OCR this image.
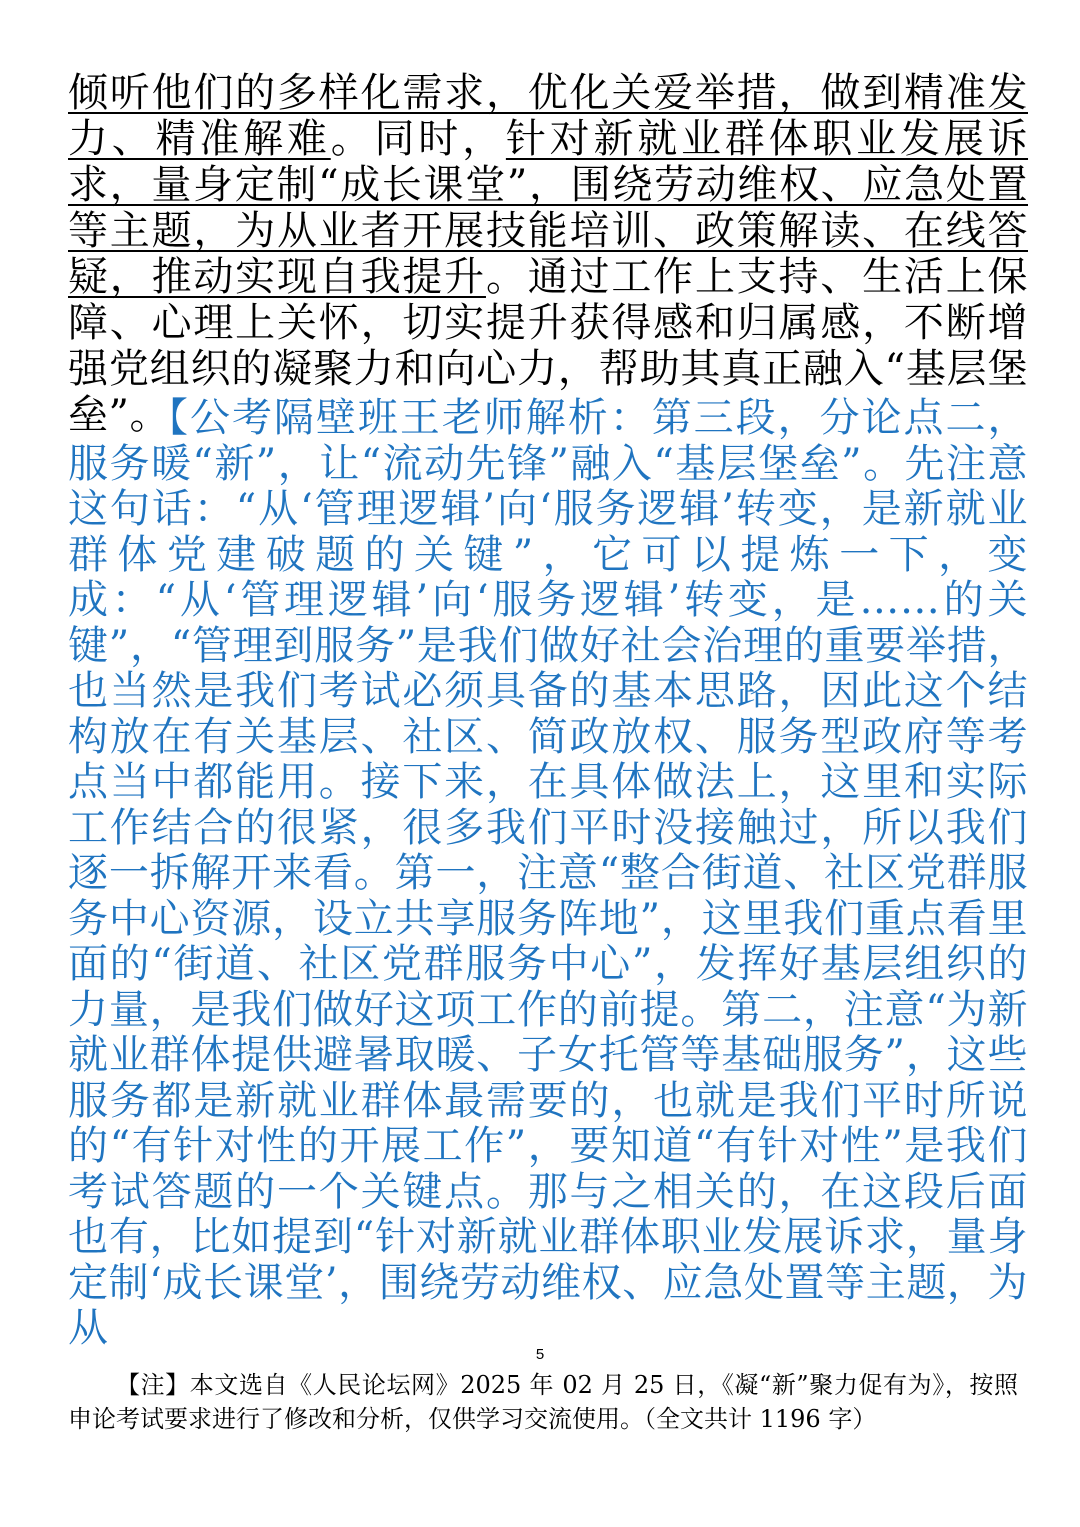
倾听他们的多样化需求，优化关爱举措，做到精准发力、精准解难。同时，针对新就业群体职业发展诉求，量身定制“成长课堂”，围绕劳动维权、应急处置等主题，为从业者开展技能培训、政策解读、在线答疑，推动实现自我提升。通过工作上支持、生活上保障、心理上关怀，切实提升获得感和归属感，不断增强党组织的凝聚力和向心力，帮助其真正融入“基层堡垒”。

【公考隔壁班王老师解析：第三段，分论点二，服务暖“新”，让“流动先锋”融入“基层堡垒”。先注意这句话：“从‘管理逻辑’向‘服务逻辑’转变，是新就业群体党建破题的关键”，它可以提炼一下，变成：“从‘管理逻辑’向‘服务逻辑’转变，是……的关键”，“管理到服务”是我们做好社会治理的重要举措，也当然是我们考试必须具备的基本思路，因此这个结构放在有关基层、社区、简政放权、服务型政府等考点当中都能用。接下来，在具体做法上，这里和实际工作结合的很紧，很多我们平时没接触过，所以我们逐一拆解开来看。第一，注意“整合街道、社区党群服务中心资源，设立共享服务阵地”，这里我们重点看里面的“街道、社区党群服务中心”，发挥好基层组织的力量，是我们做好这项工作的前提。第二，注意“为新就业群体提供避暑取暖、子女托管等基础服务”，这些服务都是新就业群体最需要的，也就是我们平时所说的“有针对性的开展工作”，要知道“有针对性”是我们考试答题的一个关键点。那与之相关的，在这段后面也有，比如提到“针对新就业群体职业发展诉求，量身定制‘成长课堂’，围绕劳动维权、应急处置等主题，为从

5

【注】本文选自《人民论坛网》2025 年 02 月 25 日，《凝“新”聚力促有为》，按照申论考试要求进行了修改和分析，仅供学习交流使用。（全文共计 1196 字）
